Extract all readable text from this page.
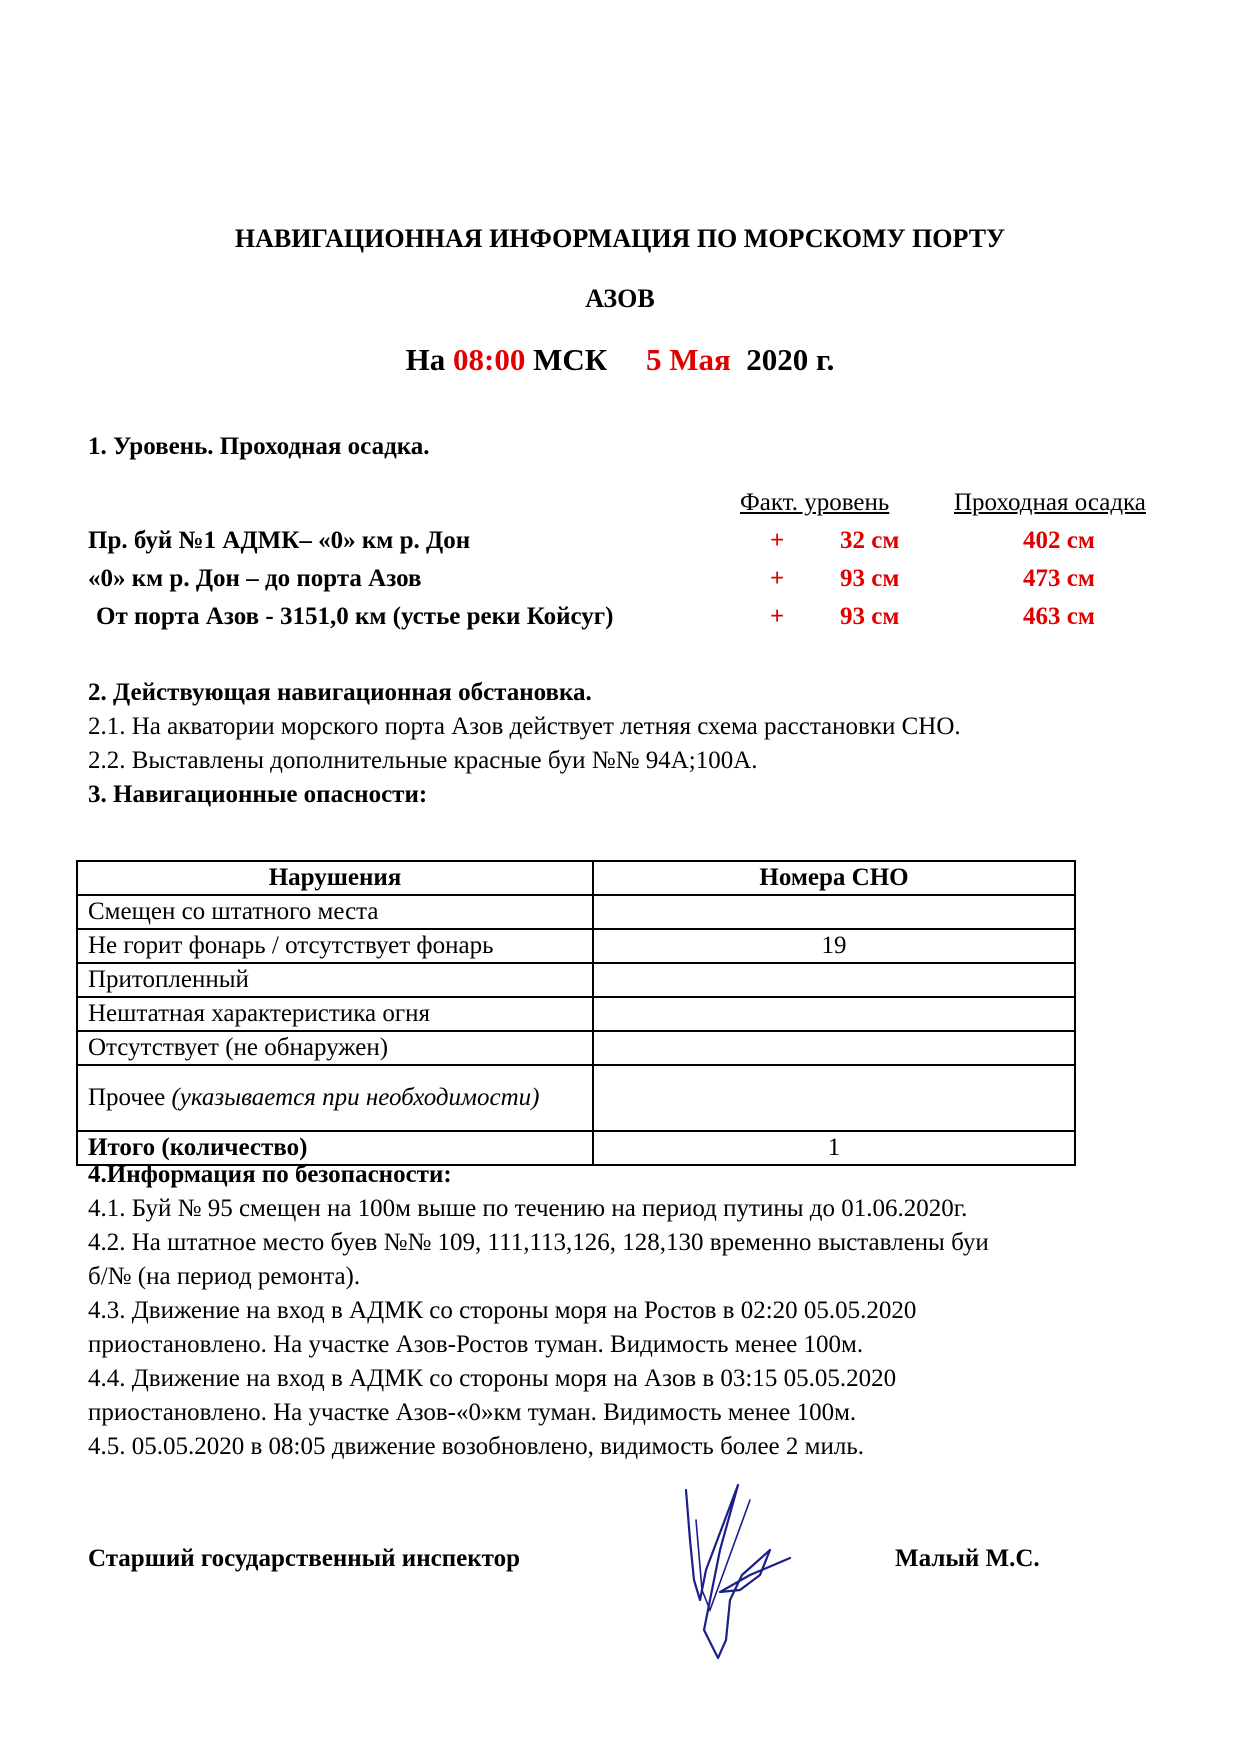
НАВИГАЦИОННАЯ ИНФОРМАЦИЯ ПО МОРСКОМУ ПОРТУ
АЗОВ
На 08:00 МСК 5 Мая 2020 г.
1. Уровень. Проходная осадка.
Факт. уровень	Проходная осадка
Пр. буй №1 АДМК– «0» км р. Дон	+ 32 см	402 см
«0» км р. Дон – до порта Азов	+ 93 см	473 см
От порта Азов - 3151,0 км (устье реки Койсуг)	+ 93 см	463 см
2. Действующая навигационная обстановка.
2.1. На акватории морского порта Азов действует летняя схема расстановки СНО.
2.2. Выставлены дополнительные красные буи №№ 94А;100А.
3. Навигационные опасности:
Нарушения	Номера СНО
Смещен со штатного места	
Не горит фонарь / отсутствует фонарь	19
Притопленный	
Нештатная характеристика огня	
Отсутствует (не обнаружен)	
Прочее (указывается при необходимости)	
Итого (количество)	1
4.Информация по безопасности:
4.1. Буй № 95 смещен на 100м выше по течению на период путины до 01.06.2020г.
4.2. На штатное место буев №№ 109, 111,113,126, 128,130 временно выставлены буи
б/№ (на период ремонта).
4.3. Движение на вход в АДМК со стороны моря на Ростов в 02:20 05.05.2020
приостановлено. На участке Азов-Ростов туман. Видимость менее 100м.
4.4. Движение на вход в АДМК со стороны моря на Азов в 03:15 05.05.2020
приостановлено. На участке Азов-«0»км туман. Видимость менее 100м.
4.5. 05.05.2020 в 08:05 движение возобновлено, видимость более 2 миль.
Старший государственный инспектор	Малый М.С.
